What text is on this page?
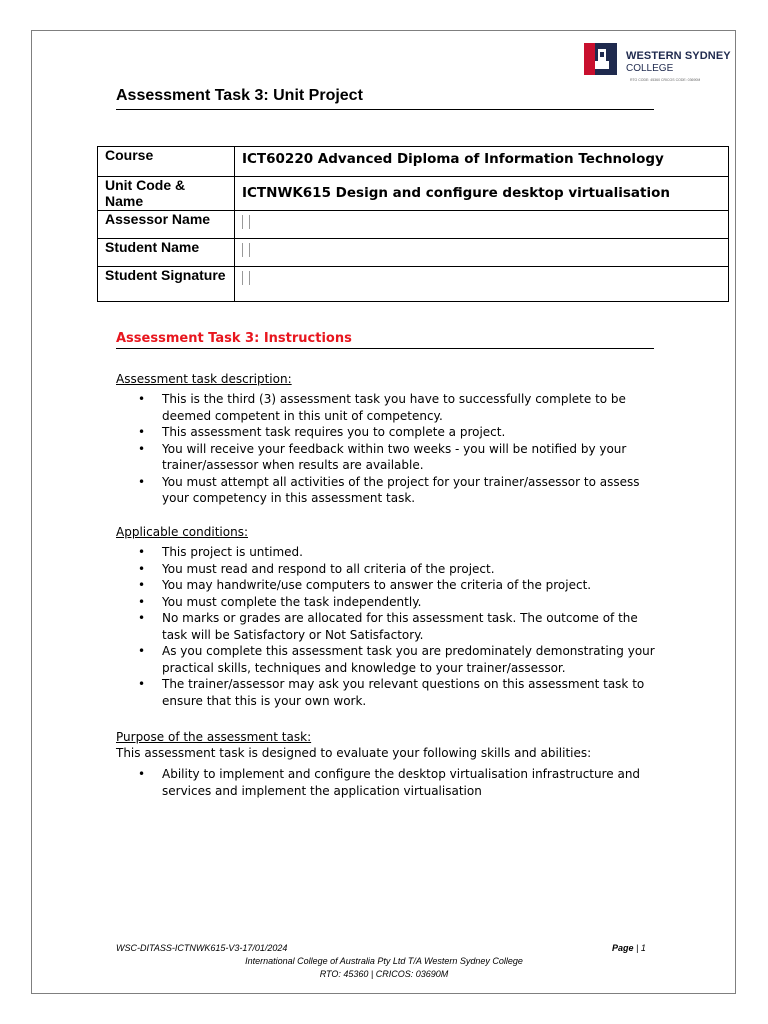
WESTERN SYDNEY
COLLEGE
RTO CODE: 45360 CRICOS CODE: 03690M
Assessment Task 3: Unit Project
Course	ICT60220 Advanced Diploma of Information Technology
Unit Code & Name	ICTNWK615 Design and configure desktop virtualisation
Assessor Name	
Student Name	
Student Signature	
Assessment Task 3: Instructions
Assessment task description:
• This is the third (3) assessment task you have to successfully complete to be deemed competent in this unit of competency.
• This assessment task requires you to complete a project.
• You will receive your feedback within two weeks - you will be notified by your trainer/assessor when results are available.
• You must attempt all activities of the project for your trainer/assessor to assess your competency in this assessment task.
Applicable conditions:
• This project is untimed.
• You must read and respond to all criteria of the project.
• You may handwrite/use computers to answer the criteria of the project.
• You must complete the task independently.
• No marks or grades are allocated for this assessment task. The outcome of the task will be Satisfactory or Not Satisfactory.
• As you complete this assessment task you are predominately demonstrating your practical skills, techniques and knowledge to your trainer/assessor.
• The trainer/assessor may ask you relevant questions on this assessment task to ensure that this is your own work.
Purpose of the assessment task:
This assessment task is designed to evaluate your following skills and abilities:
• Ability to implement and configure the desktop virtualisation infrastructure and services and implement the application virtualisation
WSC-DITASS-ICTNWK615-V3-17/01/2024	Page | 1
International College of Australia Pty Ltd T/A Western Sydney College
RTO: 45360 | CRICOS: 03690M
